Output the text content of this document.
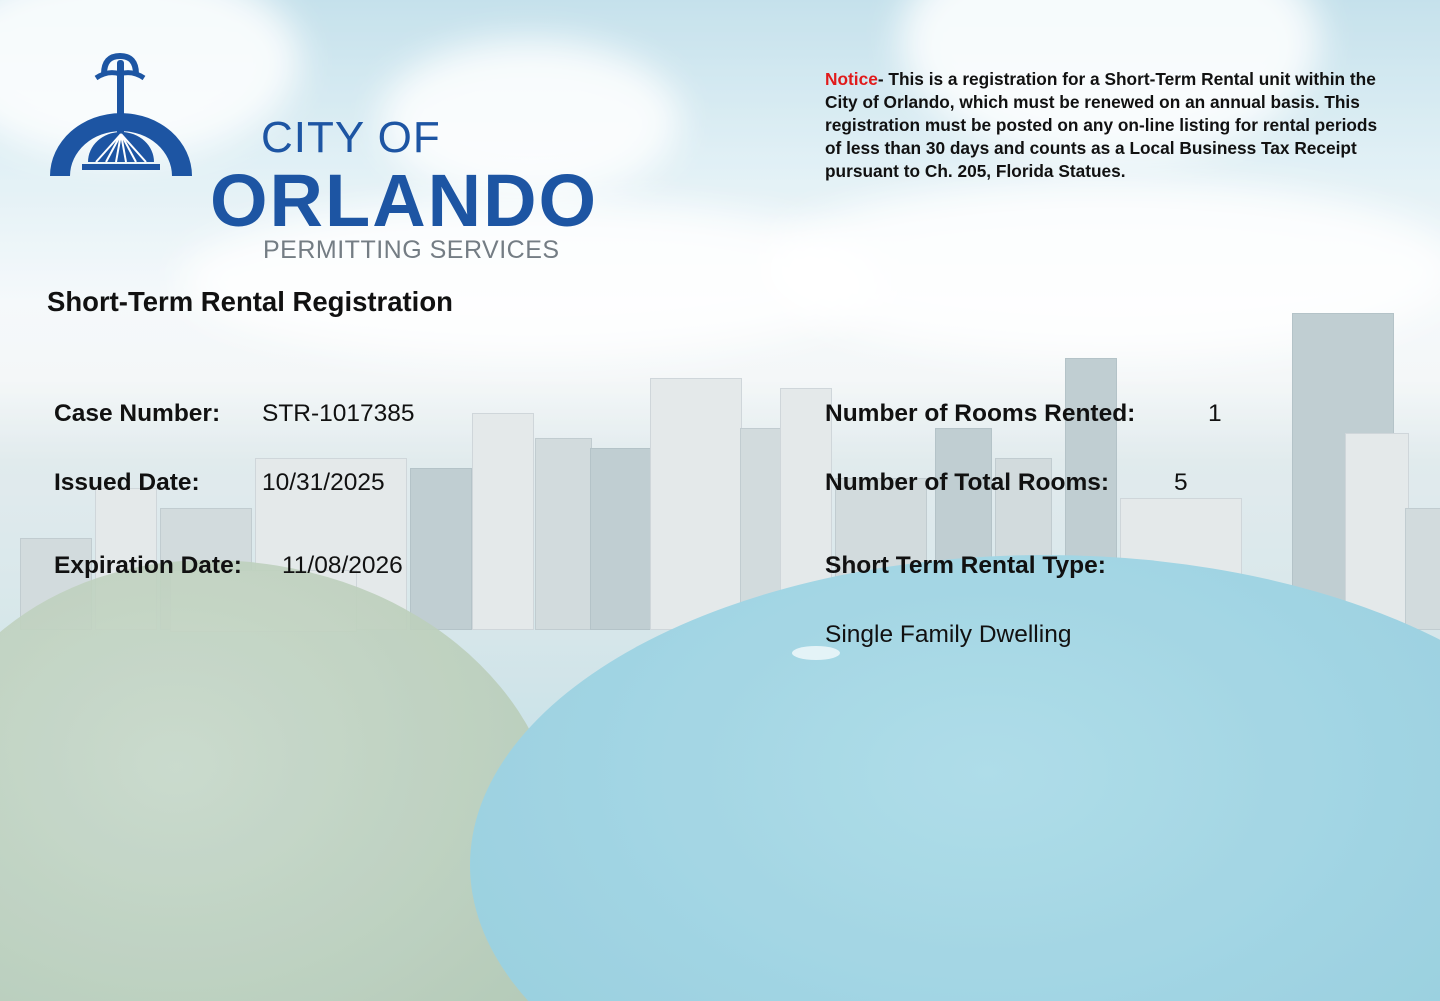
CITY OF
ORLANDO
PERMITTING SERVICES
Notice- This is a registration for a Short-Term Rental unit within the City of Orlando, which must be renewed on an annual basis. This registration must be posted on any on-line listing for rental periods of less than 30 days and counts as a Local Business Tax Receipt pursuant to Ch. 205, Florida Statues.
Short-Term Rental Registration
Case Number: STR-1017385
Issued Date:	10/31/2025
Expiration Date: 11/08/2026
Number of Rooms Rented:	1
Number of Total Rooms:	5
Short Term Rental Type:
Single Family Dwelling
